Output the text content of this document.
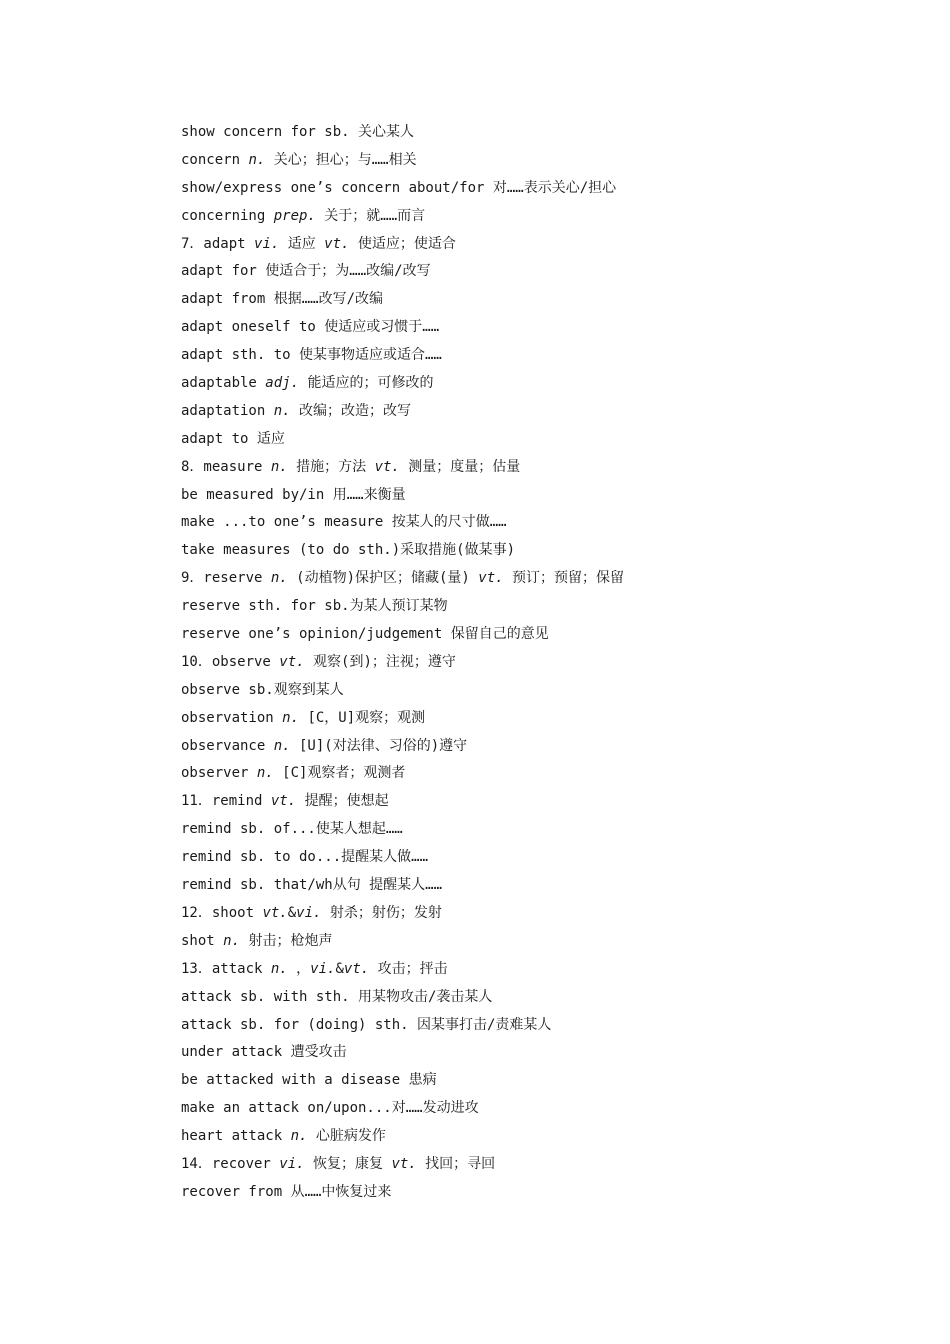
show concern for sb. 关心某人
concern n. 关心；担心；与……相关
show/express one’s concern about/for 对……表示关心/担心
concerning prep. 关于；就……而言
7．adapt vi. 适应 vt. 使适应；使适合
adapt for 使适合于；为……改编/改写
adapt from 根据……改写/改编
adapt oneself to 使适应或习惯于……
adapt sth. to 使某事物适应或适合……
adaptable adj. 能适应的；可修改的
adaptation n. 改编；改造；改写
adapt to 适应
8．measure n. 措施；方法 vt. 测量；度量；估量
be measured by/in 用……来衡量
make ...to one’s measure 按某人的尺寸做……
take measures (to do sth.)采取措施(做某事)
9．reserve n. (动植物)保护区；储藏(量) vt. 预订；预留；保留
reserve sth. for sb.为某人预订某物
reserve one’s opinion/judgement 保留自己的意见
10．observe vt. 观察(到)；注视；遵守
observe sb.观察到某人
observation n. [C，U]观察；观测
observance n. [U](对法律、习俗的)遵守
observer n. [C]观察者；观测者
11．remind vt. 提醒；使想起
remind sb. of...使某人想起……
remind sb. to do...提醒某人做……
remind sb. that/wh从句 提醒某人……
12．shoot vt.&vi. 射杀；射伤；发射
shot n. 射击；枪炮声
13．attack n. ，vi.&vt. 攻击；抨击
attack sb. with sth. 用某物攻击/袭击某人
attack sb. for (doing) sth. 因某事打击/责难某人
under attack 遭受攻击
be attacked with a disease 患病
make an attack on/upon...对……发动进攻
heart attack n. 心脏病发作
14．recover vi. 恢复；康复 vt. 找回；寻回
recover from 从……中恢复过来
